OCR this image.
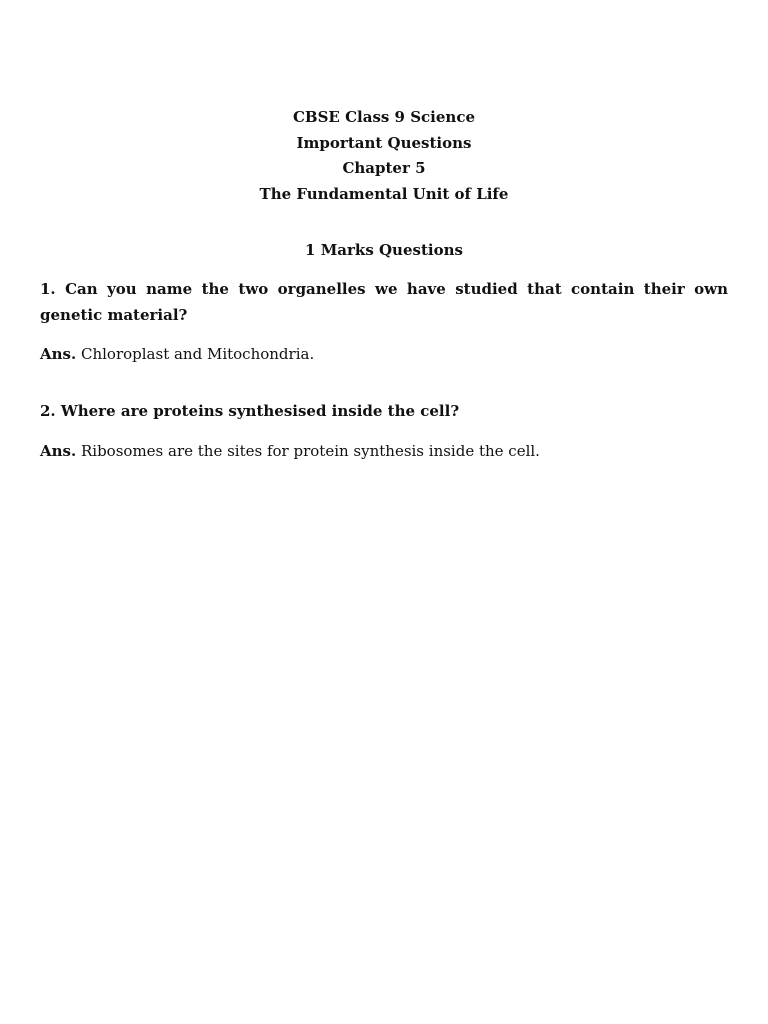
CBSE Class 9 Science
Important Questions
Chapter 5
The Fundamental Unit of Life
1 Marks Questions

1. Can you name the two organelles we have studied that contain their own genetic material?

Ans. Chloroplast and Mitochondria.

2. Where are proteins synthesised inside the cell?

Ans. Ribosomes are the sites for protein synthesis inside the cell.
